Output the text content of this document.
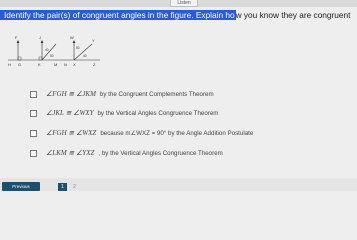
Listen
Identify the pair(s) of congruent angles in the figure. Explain how you know they are congruent
F	J
K
H G	M N X
Y
Z
W
40
50
50
40
∠FGH ≅ ∠JKM by the Congruent Complements Theorem
∠JKL ≅ ∠WXY by the Vertical Angles Congruence Theorem
∠FGH ≅ ∠WXZ because m∠WXZ = 90° by the Angle Addition Postulate
∠LKM ≅ ∠YXZ , by the Vertical Angles Congruence Theorem
Previous	1	2
